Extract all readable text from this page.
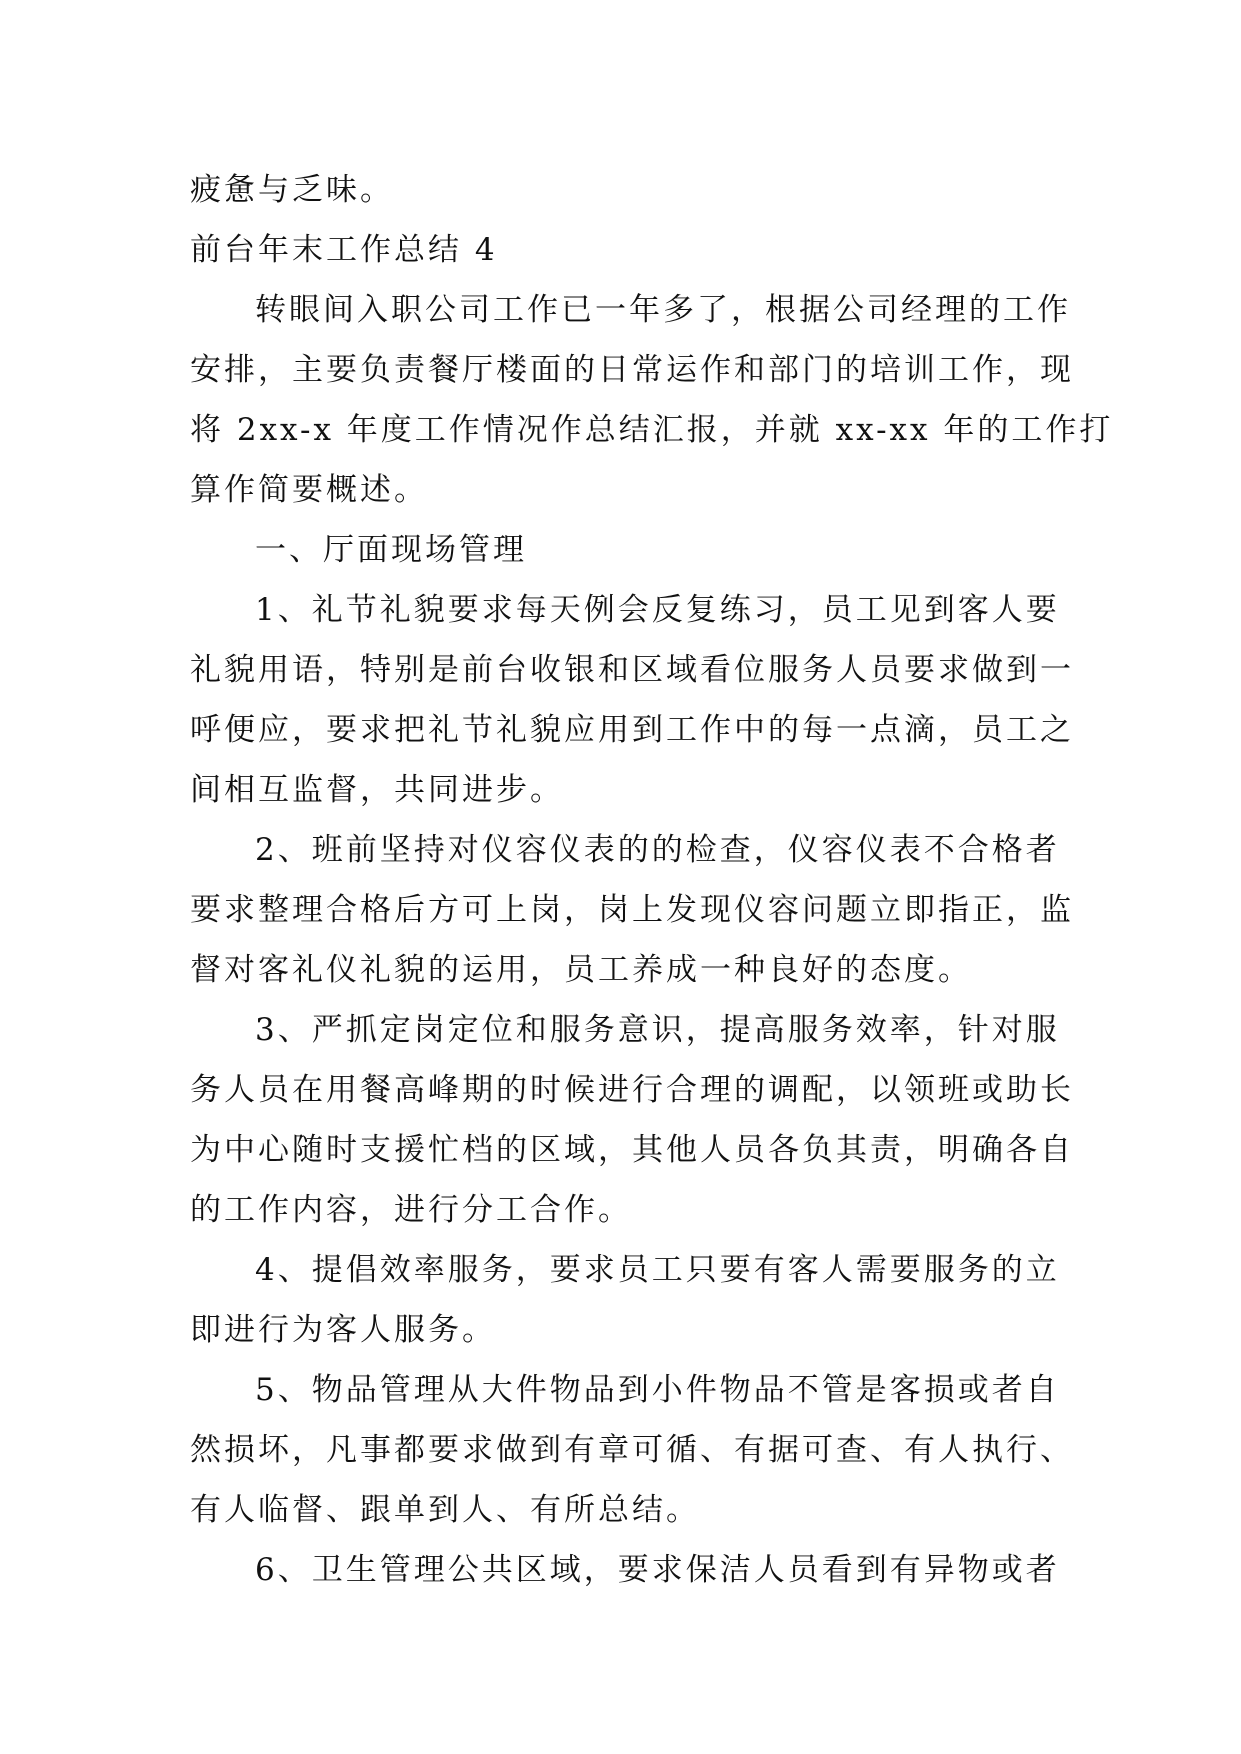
疲惫与乏味。
前台年末工作总结 4
转眼间入职公司工作已一年多了，根据公司经理的工作
安排，主要负责餐厅楼面的日常运作和部门的培训工作，现
将 2xx-x 年度工作情况作总结汇报，并就 xx-xx 年的工作打
算作简要概述。
一、厅面现场管理
1、礼节礼貌要求每天例会反复练习，员工见到客人要
礼貌用语，特别是前台收银和区域看位服务人员要求做到一
呼便应，要求把礼节礼貌应用到工作中的每一点滴，员工之
间相互监督，共同进步。
2、班前坚持对仪容仪表的的检查，仪容仪表不合格者
要求整理合格后方可上岗，岗上发现仪容问题立即指正，监
督对客礼仪礼貌的运用，员工养成一种良好的态度。
3、严抓定岗定位和服务意识，提高服务效率，针对服
务人员在用餐高峰期的时候进行合理的调配，以领班或助长
为中心随时支援忙档的区域，其他人员各负其责，明确各自
的工作内容，进行分工合作。
4、提倡效率服务，要求员工只要有客人需要服务的立
即进行为客人服务。
5、物品管理从大件物品到小件物品不管是客损或者自
然损坏，凡事都要求做到有章可循、有据可查、有人执行、
有人临督、跟单到人、有所总结。
6、卫生管理公共区域，要求保洁人员看到有异物或者
